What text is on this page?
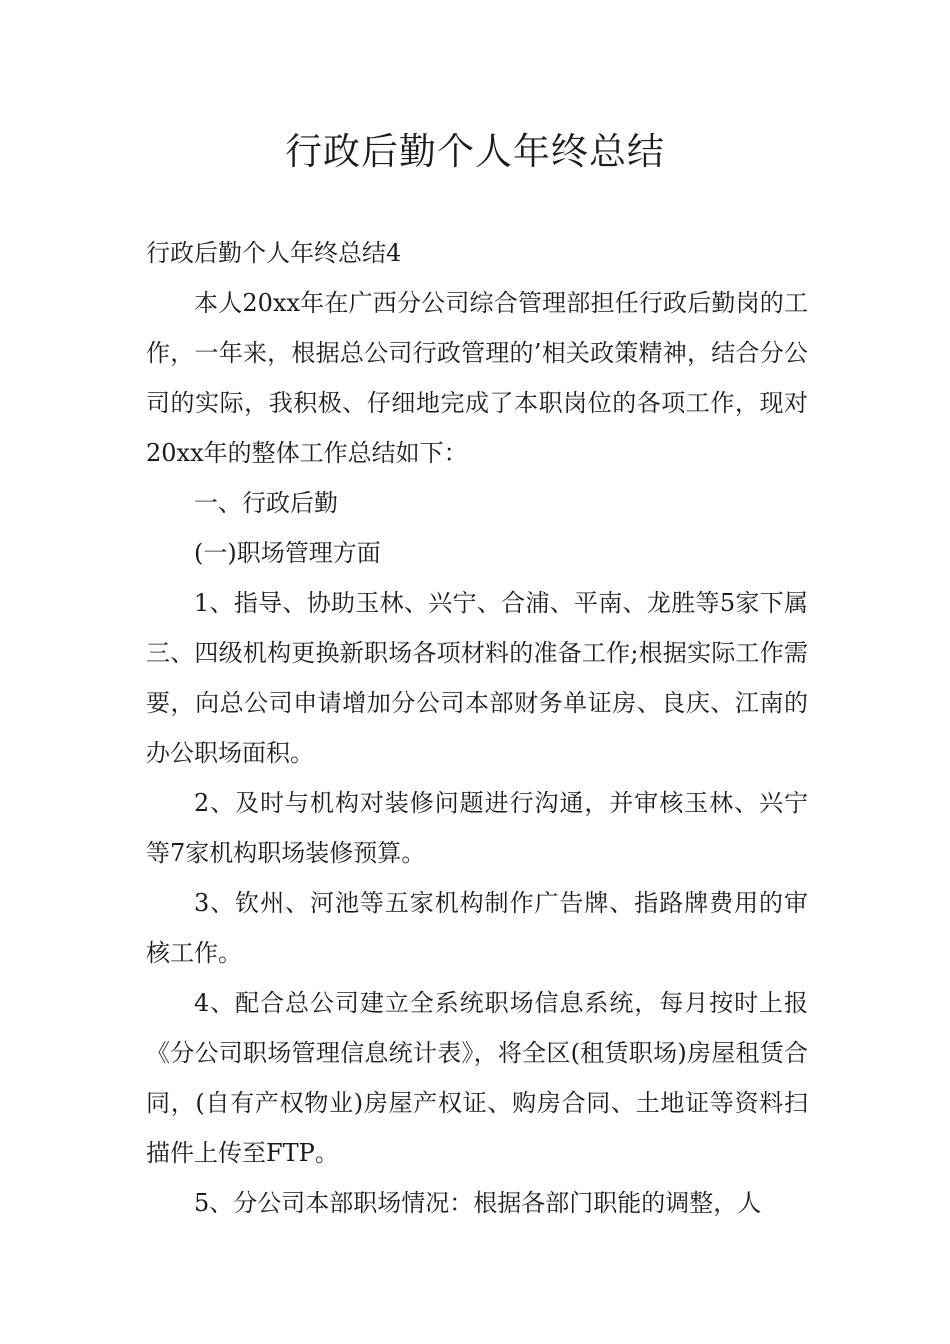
行政后勤个人年终总结

行政后勤个人年终总结4

本人20xx年在广西分公司综合管理部担任行政后勤岗的工作，一年来，根据总公司行政管理的’相关政策精神，结合分公司的实际，我积极、仔细地完成了本职岗位的各项工作，现对20xx年的整体工作总结如下：

一、行政后勤

(一)职场管理方面

1、指导、协助玉林、兴宁、合浦、平南、龙胜等5家下属三、四级机构更换新职场各项材料的准备工作;根据实际工作需要，向总公司申请增加分公司本部财务单证房、良庆、江南的办公职场面积。

2、及时与机构对装修问题进行沟通，并审核玉林、兴宁等7家机构职场装修预算。

3、钦州、河池等五家机构制作广告牌、指路牌费用的审核工作。

4、配合总公司建立全系统职场信息系统，每月按时上报《分公司职场管理信息统计表》，将全区(租赁职场)房屋租赁合同，(自有产权物业)房屋产权证、购房合同、土地证等资料扫描件上传至FTP。

5、分公司本部职场情况：根据各部门职能的调整，人
